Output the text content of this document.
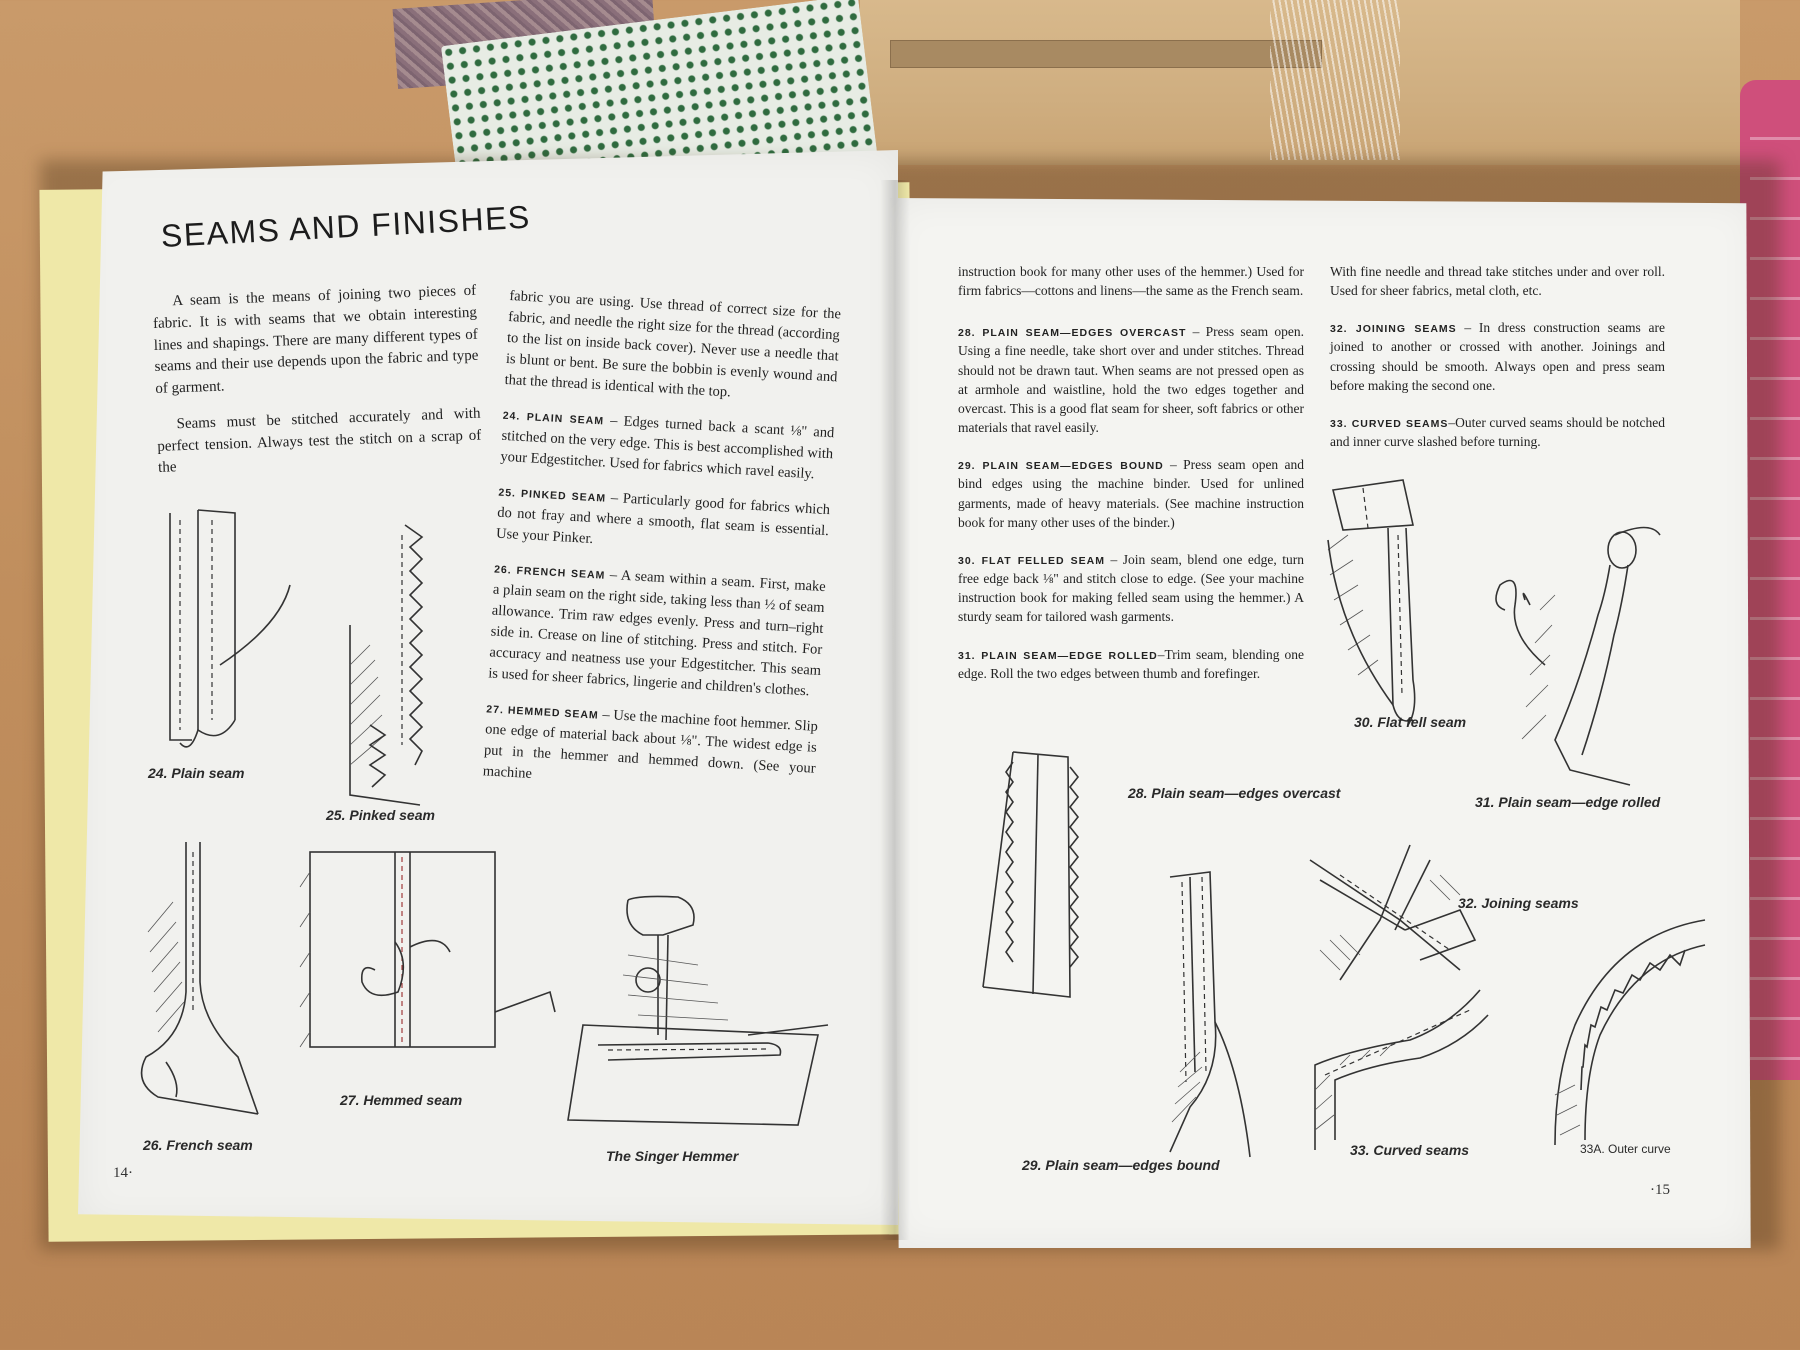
SEAMS AND FINISHES

A seam is the means of joining two pieces of fabric. It is with seams that we obtain interesting lines and shapings. There are many different types of seams and their use depends upon the fabric and type of garment.

Seams must be stitched accurately and with perfect tension. Always test the stitch on a scrap of the

fabric you are using. Use thread of correct size for the fabric, and needle the right size for the thread (according to the list on inside back cover). Never use a needle that is blunt or bent. Be sure the bobbin is evenly wound and that the thread is identical with the top.

24. PLAIN SEAM – Edges turned back a scant ⅛" and stitched on the very edge. This is best accomplished with your Edgestitcher. Used for fabrics which ravel easily.

25. PINKED SEAM – Particularly good for fabrics which do not fray and where a smooth, flat seam is essential. Use your Pinker.

26. FRENCH SEAM – A seam within a seam. First, make a plain seam on the right side, taking less than ½ of seam allowance. Trim raw edges evenly. Press and turn–right side in. Crease on line of stitching. Press and stitch. For accuracy and neatness use your Edgestitcher. This seam is used for sheer fabrics, lingerie and children's clothes.

27. HEMMED SEAM – Use the machine foot hemmer. Slip one edge of material back about ⅛". The widest edge is put in the hemmer and hemmed down. (See your machine

24. Plain seam
25. Pinked seam
26. French seam
27. Hemmed seam
The Singer Hemmer
14·

instruction book for many other uses of the hemmer.) Used for firm fabrics—cottons and linens—the same as the French seam.

28. PLAIN SEAM—EDGES OVERCAST – Press seam open. Using a fine needle, take short over and under stitches. Thread should not be drawn taut. When seams are not pressed open as at armhole and waistline, hold the two edges together and overcast. This is a good flat seam for sheer, soft fabrics or other materials that ravel easily.

29. PLAIN SEAM—EDGES BOUND – Press seam open and bind edges using the machine binder. Used for unlined garments, made of heavy materials. (See machine instruction book for many other uses of the binder.)

30. FLAT FELLED SEAM – Join seam, blend one edge, turn free edge back ⅛" and stitch close to edge. (See your machine instruction book for making felled seam using the hemmer.) A sturdy seam for tailored wash garments.

31. PLAIN SEAM—EDGE ROLLED–Trim seam, blending one edge. Roll the two edges between thumb and forefinger.

With fine needle and thread take stitches under and over roll. Used for sheer fabrics, metal cloth, etc.

32. JOINING SEAMS – In dress construction seams are joined to another or crossed with another. Joinings and crossing should be smooth. Always open and press seam before making the second one.

33. CURVED SEAMS–Outer curved seams should be notched and inner curve slashed before turning.

30. Flat fell seam
31. Plain seam—edge rolled
28. Plain seam—edges overcast
29. Plain seam—edges bound
32. Joining seams
33. Curved seams	33A. Outer curve
·15
